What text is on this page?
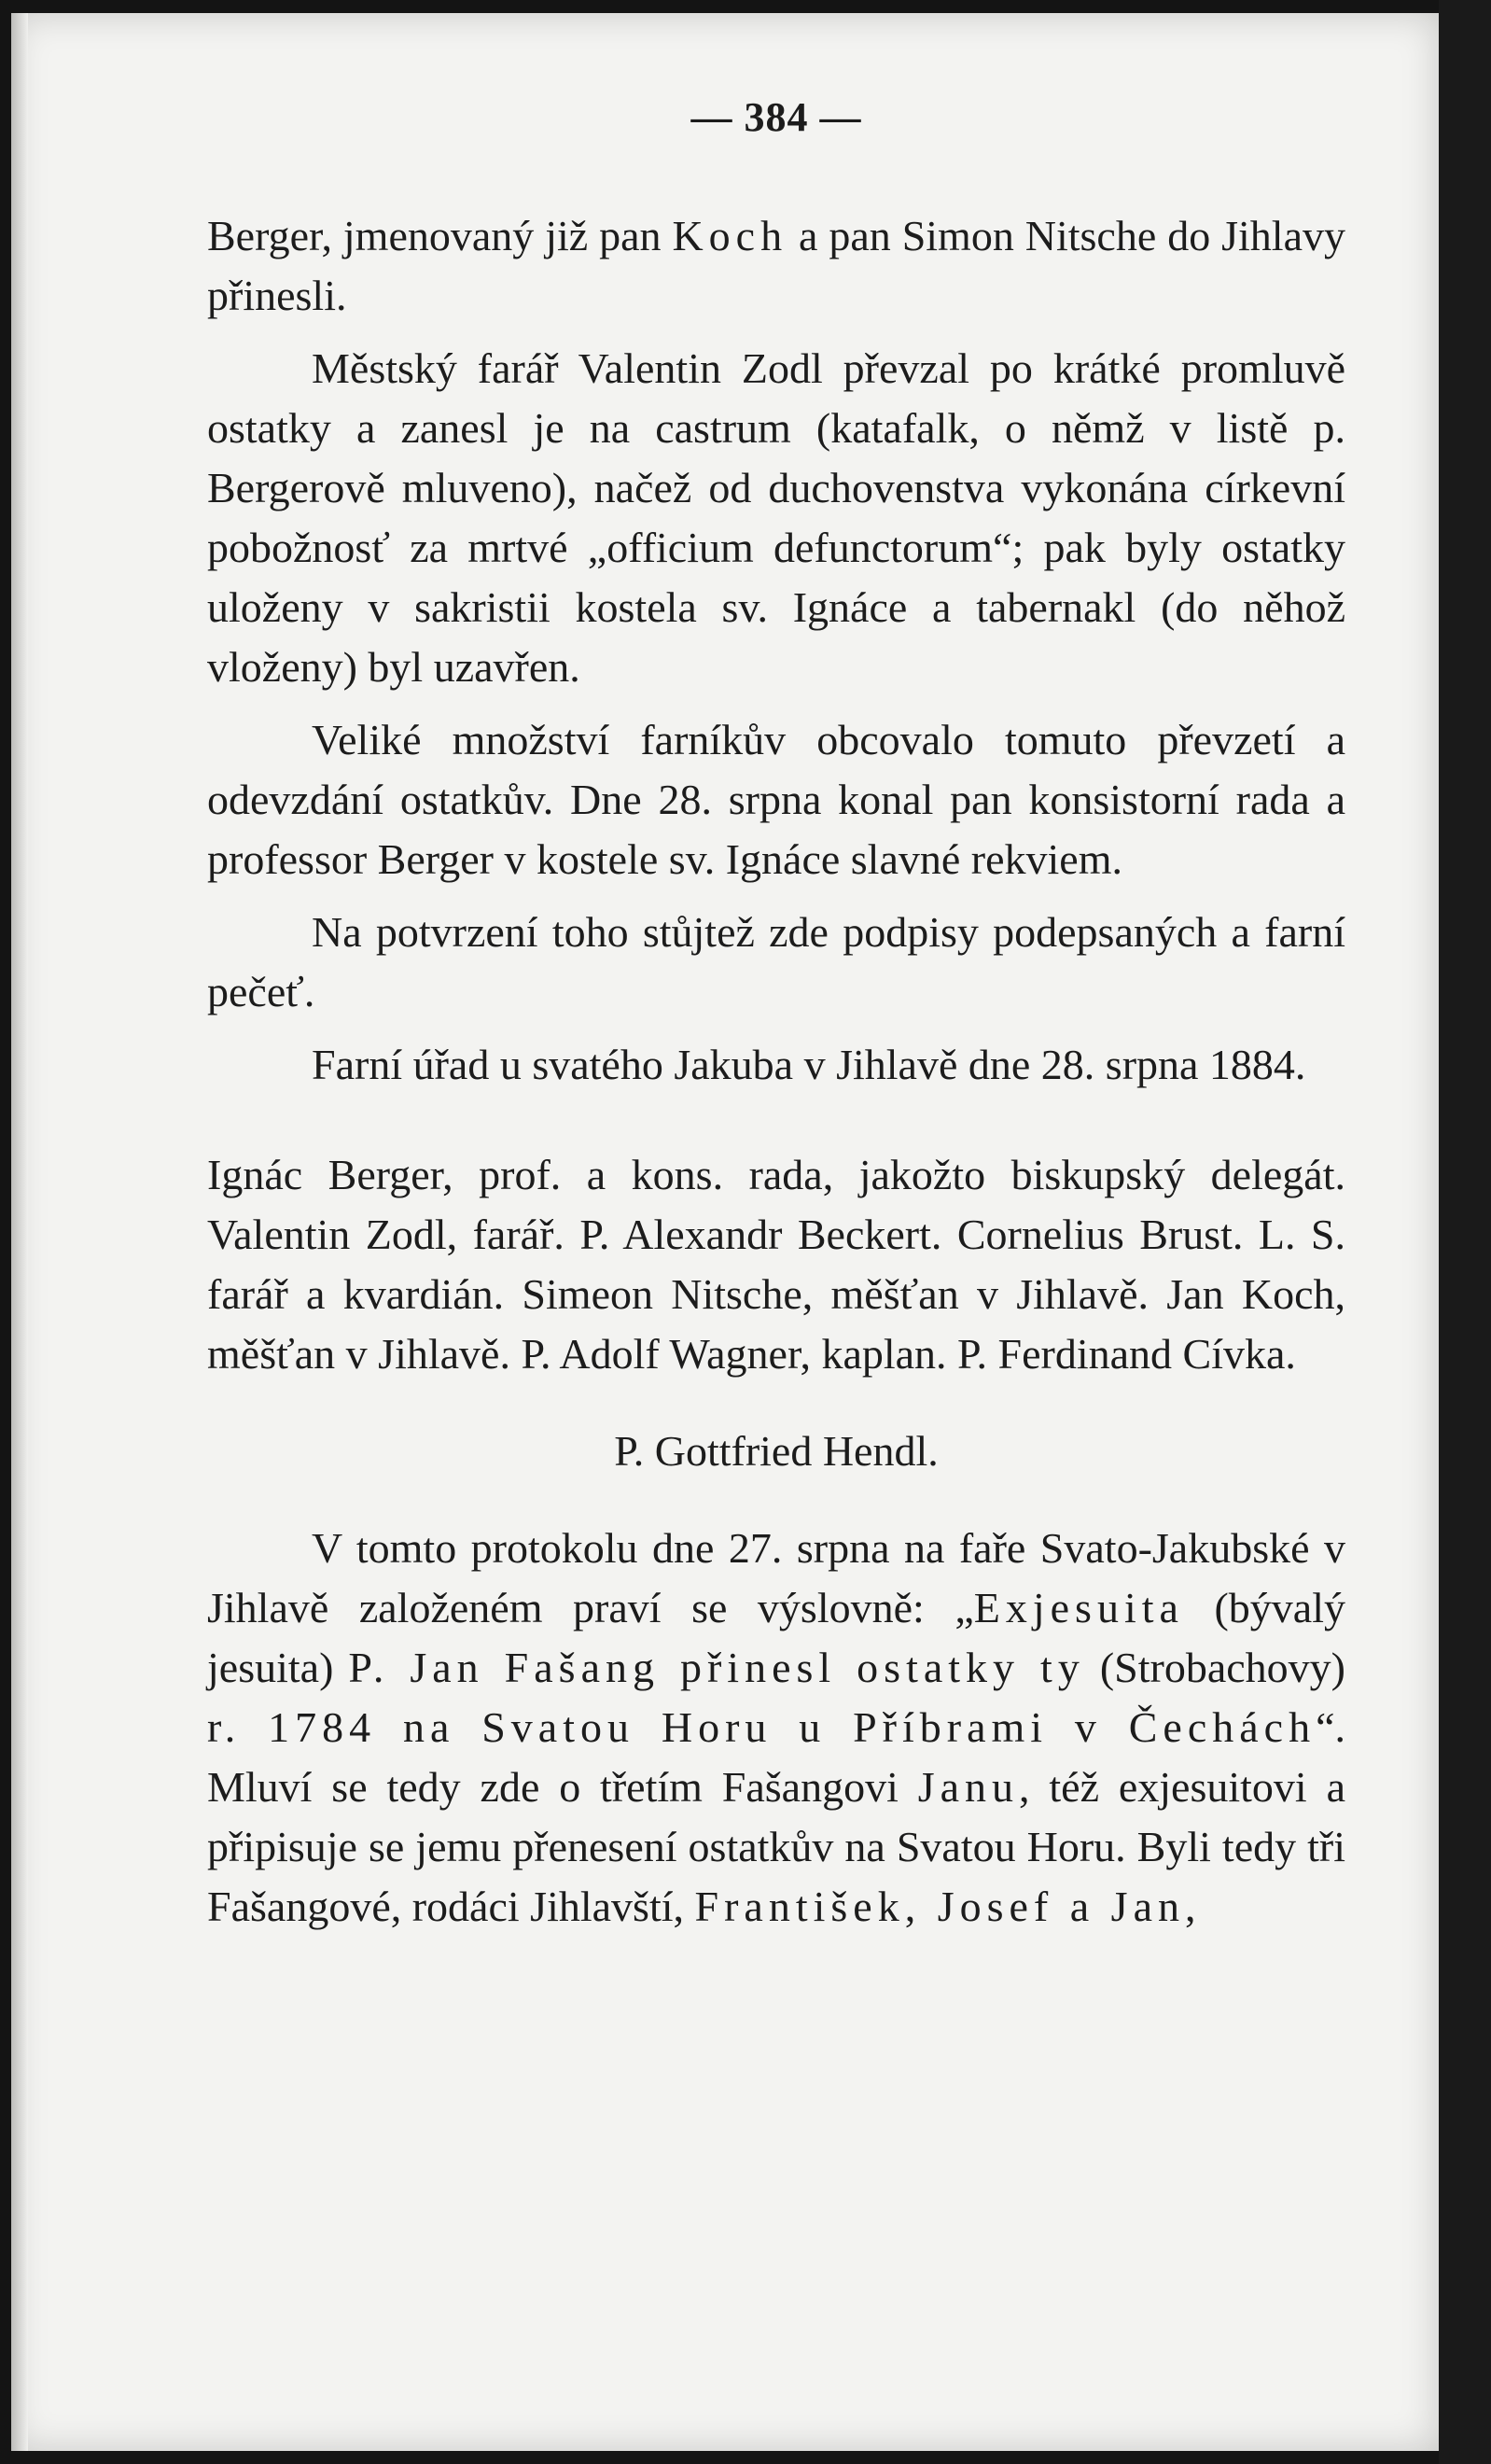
— 384 —

Berger, jmenovaný již pan Koch a pan Simon Nitsche do Jihlavy přinesli.

Městský farář Valentin Zodl převzal po krátké promluvě ostatky a zanesl je na castrum (katafalk, o němž v listě p. Bergerově mluveno), načež od duchovenstva vykonána církevní pobožnosť za mrtvé „officium defunctorum“; pak byly ostatky uloženy v sakristii kostela sv. Ignáce a tabernakl (do něhož vloženy) byl uzavřen.

Veliké množství farníkův obcovalo tomuto převzetí a odevzdání ostatkův. Dne 28. srpna konal pan konsistorní rada a professor Berger v kostele sv. Ignáce slavné rekviem.

Na potvrzení toho stůjtež zde podpisy podepsaných a farní pečeť.

Farní úřad u svatého Jakuba v Jihlavě dne 28. srpna 1884.

Ignác Berger, prof. a kons. rada, jakožto biskupský delegát. Valentin Zodl, farář. P. Alexandr Beckert. Cornelius Brust. L. S. farář a kvardián. Simeon Nitsche, měšťan v Jihlavě. Jan Koch, měšťan v Jihlavě. P. Adolf Wagner, kaplan. P. Ferdinand Cívka.

P. Gottfried Hendl.

V tomto protokolu dne 27. srpna na faře Svato-Jakubské v Jihlavě založeném praví se výslovně: „Exjesuita (bývalý jesuita) P. Jan Fašang přinesl ostatky ty (Strobachovy) r. 1784 na Svatou Horu u Příbrami v Čechách“. Mluví se tedy zde o třetím Fašangovi Janu, též exjesuitovi a připisuje se jemu přenesení ostatkův na Svatou Horu. Byli tedy tři Fašangové, rodáci Jihlavští, František, Josef a Jan,
